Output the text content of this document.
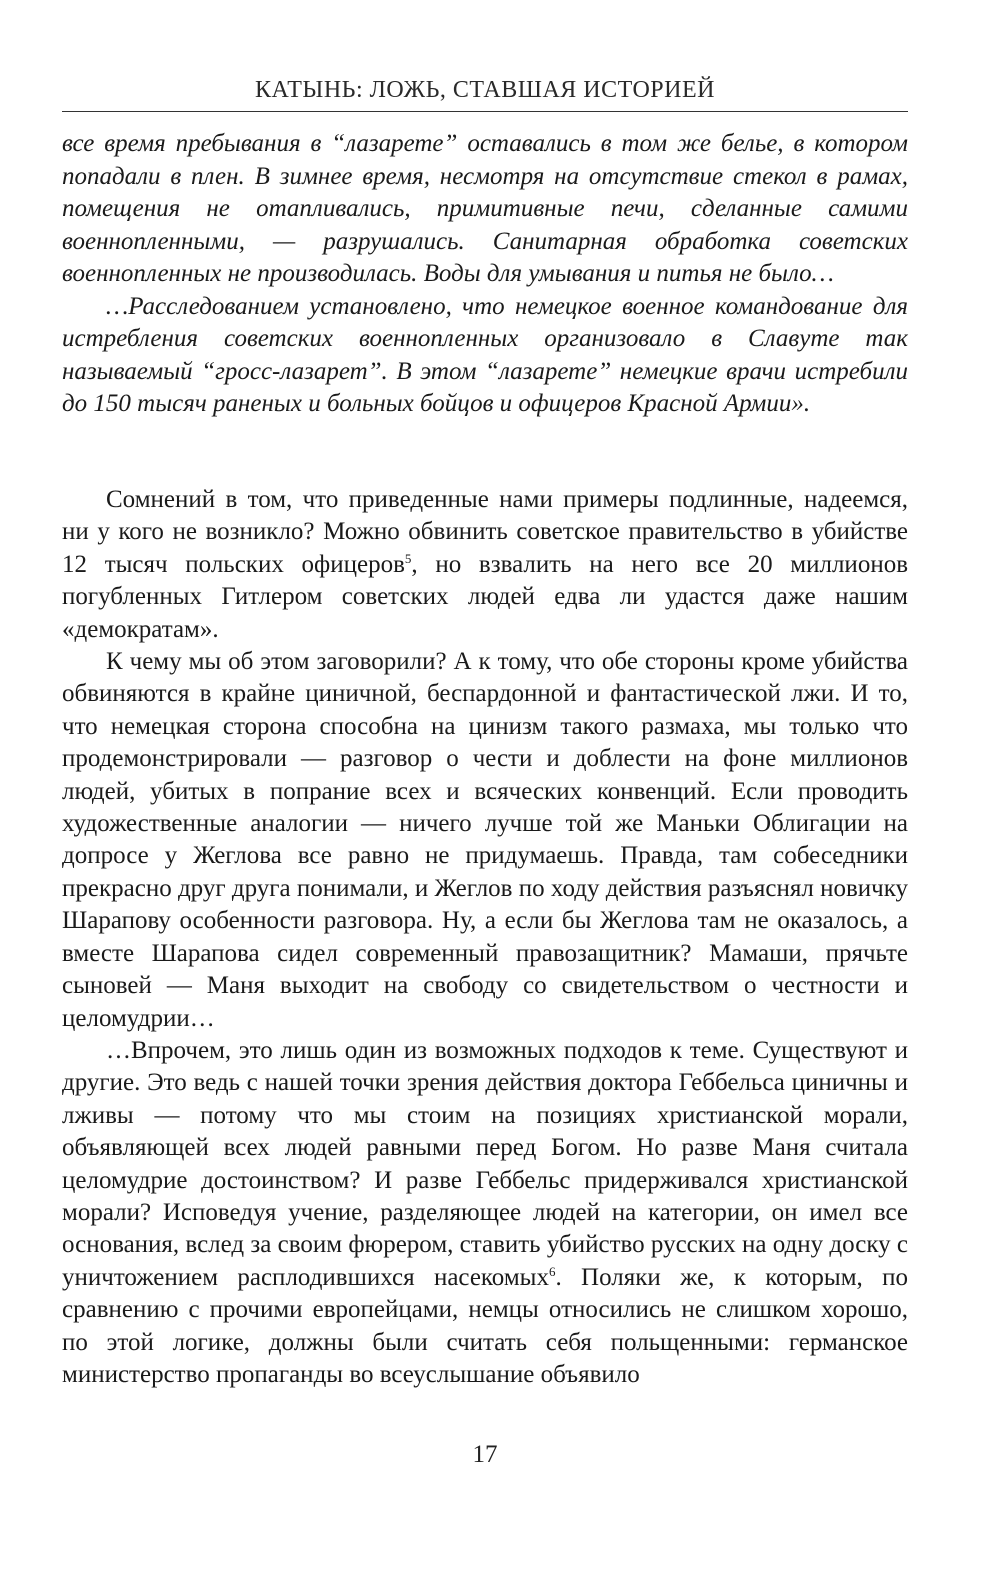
КАТЫНЬ: ЛОЖЬ, СТАВШАЯ ИСТОРИЕЙ

все время пребывания в “лазарете” оставались в том же белье, в котором попадали в плен. В зимнее время, несмотря на отсутствие стекол в рамах, помещения не отапливались, примитивные печи, сделанные самими военнопленными, — разрушались. Санитарная обработка советских военнопленных не производилась. Воды для умывания и питья не было…

…Расследованием установлено, что немецкое военное командование для истребления советских военнопленных организовало в Славуте так называемый “гросс-лазарет”. В этом “лазарете” немецкие врачи истребили до 150 тысяч раненых и больных бойцов и офицеров Красной Армии».

Сомнений в том, что приведенные нами примеры подлинные, надеемся, ни у кого не возникло? Можно обвинить советское правительство в убийстве 12 тысяч польских офицеров$^5$, но взвалить на него все 20 миллионов погубленных Гитлером советских людей едва ли удастся даже нашим «демократам».

К чему мы об этом заговорили? А к тому, что обе стороны кроме убийства обвиняются в крайне циничной, беспардонной и фантастической лжи. И то, что немецкая сторона способна на цинизм такого размаха, мы только что продемонстрировали — разговор о чести и доблести на фоне миллионов людей, убитых в попрание всех и всяческих конвенций. Если проводить художественные аналогии — ничего лучше той же Маньки Облигации на допросе у Жеглова все равно не придумаешь. Правда, там собеседники прекрасно друг друга понимали, и Жеглов по ходу действия разъяснял новичку Шарапову особенности разговора. Ну, а если бы Жеглова там не оказалось, а вместе Шарапова сидел современный правозащитник? Мамаши, прячьте сыновей — Маня выходит на свободу со свидетельством о честности и целомудрии…

…Впрочем, это лишь один из возможных подходов к теме. Существуют и другие. Это ведь с нашей точки зрения действия доктора Геббельса циничны и лживы — потому что мы стоим на позициях христианской морали, объявляющей всех людей равными перед Богом. Но разве Маня считала целомудрие достоинством? И разве Геббельс придерживался христианской морали? Исповедуя учение, разделяющее людей на категории, он имел все основания, вслед за своим фюрером, ставить убийство русских на одну доску с уничтожением расплодившихся насекомых$^6$. Поляки же, к которым, по сравнению с прочими европейцами, немцы относились не слишком хорошо, по этой логике, должны были считать себя польщенными: германское министерство пропаганды во всеуслышание объявило

17
